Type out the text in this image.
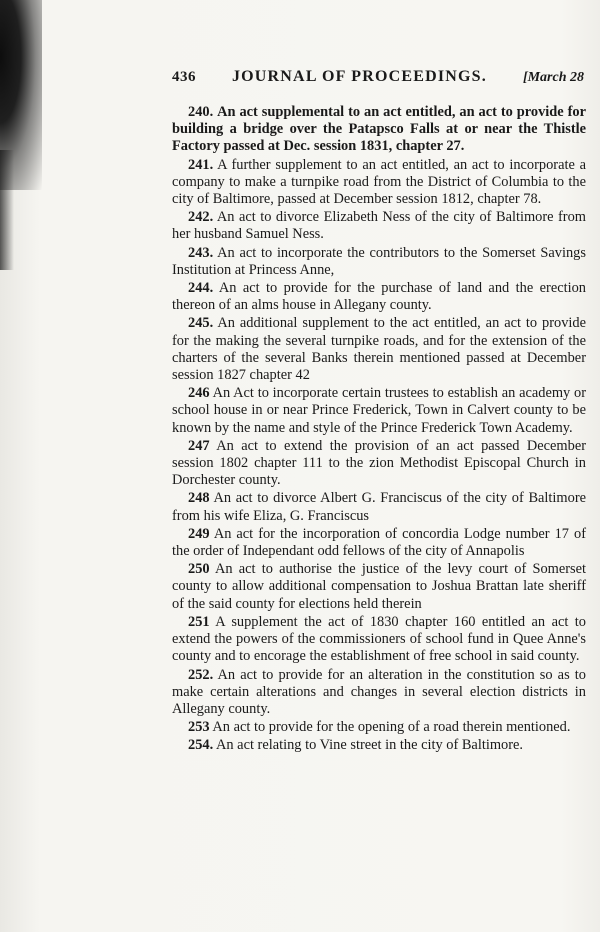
436 JOURNAL OF PROCEEDINGS.	[March 28

240. An act supplemental to an act entitled, an act to provide for building a bridge over the Patapsco Falls at or near the Thistle Factory passed at Dec. session 1831, chapter 27.

241. A further supplement to an act entitled, an act to incorporate a company to make a turnpike road from the District of Columbia to the city of Baltimore, passed at December session 1812, chapter 78.

242. An act to divorce Elizabeth Ness of the city of Baltimore from her husband Samuel Ness.

243. An act to incorporate the contributors to the Somerset Savings Institution at Princess Anne,

244. An act to provide for the purchase of land and the erection thereon of an alms house in Allegany county.

245. An additional supplement to the act entitled, an act to provide for the making the several turnpike roads, and for the extension of the charters of the several Banks therein mentioned passed at December session 1827 chapter 42

246 An Act to incorporate certain trustees to establish an academy or school house in or near Prince Frederick, Town in Calvert county to be known by the name and style of the Prince Frederick Town Academy.

247 An act to extend the provision of an act passed December session 1802 chapter 111 to the zion Methodist Episcopal Church in Dorchester county.

248 An act to divorce Albert G. Franciscus of the city of Baltimore from his wife Eliza, G. Franciscus

249 An act for the incorporation of concordia Lodge number 17 of the order of Independant odd fellows of the city of Annapolis

250 An act to authorise the justice of the levy court of Somerset county to allow additional compensation to Joshua Brattan late sheriff of the said county for elections held therein

251 A supplement the act of 1830 chapter 160 entitled an act to extend the powers of the commissioners of school fund in Quee Anne's county and to encorage the establishment of free school in said county.

252. An act to provide for an alteration in the constitution so as to make certain alterations and changes in several election districts in Allegany county.

253 An act to provide for the opening of a road therein mentioned.

254. An act relating to Vine street in the city of Baltimore.
